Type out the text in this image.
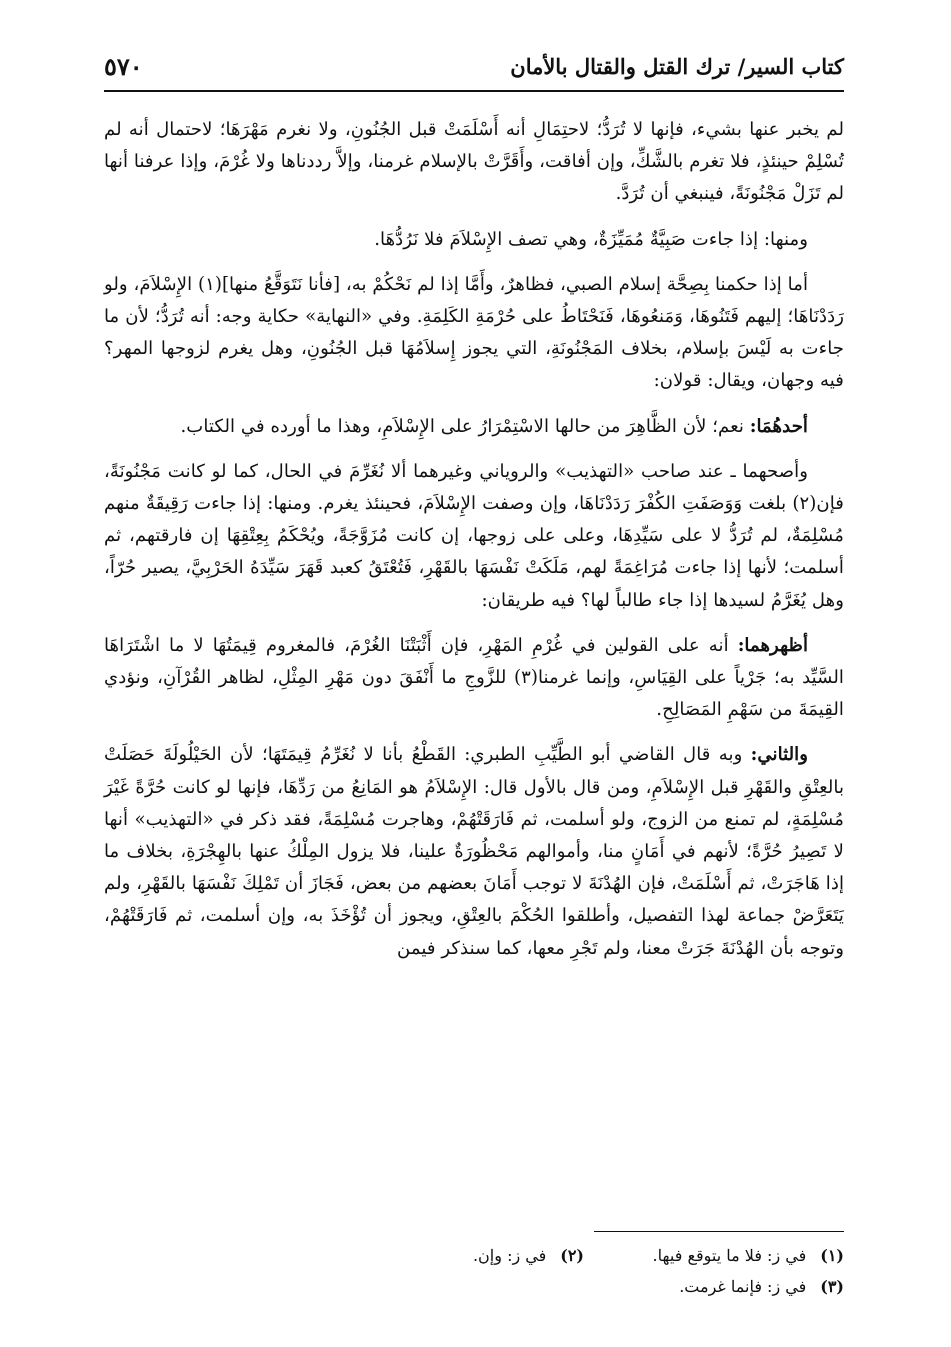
كتاب السير/ ترك القتل والقتال بالأمان
٥٧٠

لم يخبر عنها بشيء، فإنها لا تُرَدُّ؛ لاحتِمَالِ أنه أَسْلَمَتْ قبل الجُنُونِ، ولا نغرم مَهْرَهَا؛ لاحتمال أنه لم تُسْلِمْ حينئذٍ، فلا تغرم بالشَّكِّ، وإن أفاقت، وأَقَرَّتْ بالإسلام غرمنا، وإلاَّ رددناها ولا غُرْمَ، وإذا عرفنا أنها لم تَزَلْ مَجْنُونَةً، فينبغي أن تُرَدَّ.

ومنها: إذا جاءت صَبِيَّةٌ مُمَيِّزَةٌ، وهي تصف الإِسْلاَمَ فلا نَرُدُّهَا.

أما إذا حكمنا بِصِحَّة إسلام الصبي، فظاهرٌ، وأَمَّا إذا لم نَحْكُمْ به، [فأنا نَتَوَقَّعُ منها](١) الإِسْلاَمَ، ولو رَدَدْنَاهَا؛ إليهم فَتَنُوهَا، وَمَنعُوهَا، فَنَحْتَاطُ على حُرْمَةِ الكَلِمَةِ. وفي «النهاية» حكاية وجه: أنه تُرَدُّ؛ لأن ما جاءت به لَيْسَ بإسلام، بخلاف المَجْنُونَةِ، التي يجوز إِسلاَمُهَا قبل الجُنُونِ، وهل يغرم لزوجها المهر؟ فيه وجهان، ويقال: قولان:

أحدهُمَا: نعم؛ لأن الظَّاهِرَ من حالها الاسْتِمْرَارُ على الإِسْلاَمِ، وهذا ما أورده في الكتاب.

وأصحهما ـ عند صاحب «التهذيب» والروياني وغيرهما ألا نُغَرِّمَ في الحال، كما لو كانت مَجْنُونَةً، فإن(٢) بلغت وَوَصَفَتِ الكُفْرَ رَدَدْنَاهَا، وإن وصفت الإِسْلاَمَ، فحينئذ يغرم. ومنها: إذا جاءت رَقِيقَةٌ منهم مُسْلِمَةٌ، لم تُرَدُّ لا على سَيِّدِهَا، وعلى على زوجها، إن كانت مُزَوَّجَةً، ويُحْكَمُ بِعِتْقِهَا إن فارقتهم، ثم أسلمت؛ لأنها إذا جاءت مُرَاغِمَةً لهم، مَلَكَتْ نَفْسَهَا بالقَهْرِ، فَتُعْتَقُ كعبد قَهَرَ سَيِّدَهُ الحَرْبِيَّ، يصير حُرّاً، وهل يُغَرَّمُ لسيدها إذا جاء طالباً لها؟ فيه طريقان:

أظهرهما: أنه على القولين في غُرْمِ المَهْرِ، فإن أَثْبَتْنَا الغُرْمَ، فالمغروم قِيمَتُهَا لا ما اشْتَرَاهَا السَّيِّد به؛ جَرْياً على القِيَاسِ، وإنما غرمنا(٣) للزَّوجِ ما أَنْفَقَ دون مَهْرِ المِثْلِ، لظاهر القُرْآنِ، ونؤدي القِيمَةَ من سَهْمِ المَصَالِحِ.

والثاني: وبه قال القاضي أبو الطَّيِّبِ الطبري: القَطْعُ بأنا لا نُغَرِّمُ قِيمَتَهَا؛ لأن الحَيْلُولَةَ حَصَلَتْ بالعِتْقِ والقَهْرِ قبل الإِسْلاَمِ، ومن قال بالأول قال: الإِسْلاَمُ هو المَانِعُ من رَدِّهَا، فإنها لو كانت حُرَّةً غَيْرَ مُسْلِمَةٍ، لم تمنع من الزوج، ولو أسلمت، ثم فَارَقَتْهُمْ، وهاجرت مُسْلِمَةً، فقد ذكر في «التهذيب» أنها لا تَصِيرُ حُرَّةً؛ لأنهم في أَمَانٍ منا، وأموالهم مَحْظُورَةٌ علينا، فلا يزول المِلْكُ عنها بالهِجْرَةِ، بخلاف ما إذا هَاجَرَتْ، ثم أَسْلَمَتْ، فإن الهُدْنَةَ لا توجب أَمَانَ بعضهم من بعض، فَجَازَ أن تَمْلِكَ نَفْسَهَا بالقَهْرِ، ولم يَتَعَرَّضْ جماعة لهذا التفصيل، وأطلقوا الحُكْمَ بالعِتْقِ، ويجوز أن تُؤْخَذَ به، وإن أسلمت، ثم فَارَقَتْهُمْ، وتوجه بأن الهُدْنَةَ جَرَتْ معنا، ولم تَجْرِ معها، كما سنذكر فيمن

(١)في ز: فلا ما يتوقع فيها.
(٢)في ز: وإن.
(٣)في ز: فإنما غرمت.
